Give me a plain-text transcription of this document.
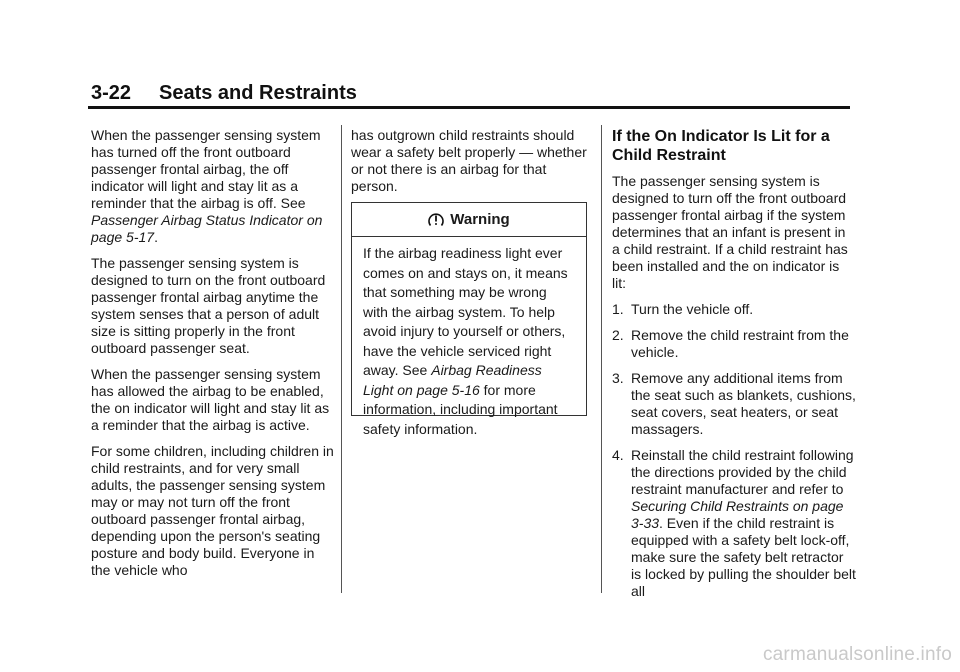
3-22 Seats and Restraints

When the passenger sensing system has turned off the front outboard passenger frontal airbag, the off indicator will light and stay lit as a reminder that the airbag is off. See Passenger Airbag Status Indicator on page 5-17.

The passenger sensing system is designed to turn on the front outboard passenger frontal airbag anytime the system senses that a person of adult size is sitting properly in the front outboard passenger seat.

When the passenger sensing system has allowed the airbag to be enabled, the on indicator will light and stay lit as a reminder that the airbag is active.

For some children, including children in child restraints, and for very small adults, the passenger sensing system may or may not turn off the front outboard passenger frontal airbag, depending upon the person's seating posture and body build. Everyone in the vehicle who

has outgrown child restraints should wear a safety belt properly — whether or not there is an airbag for that person.

Warning
If the airbag readiness light ever comes on and stays on, it means that something may be wrong with the airbag system. To help avoid injury to yourself or others, have the vehicle serviced right away. See Airbag Readiness Light on page 5-16 for more information, including important safety information.
If the On Indicator Is Lit for a Child Restraint

The passenger sensing system is designed to turn off the front outboard passenger frontal airbag if the system determines that an infant is present in a child restraint. If a child restraint has been installed and the on indicator is lit:

1. Turn the vehicle off.
2. Remove the child restraint from the vehicle.
3. Remove any additional items from the seat such as blankets, cushions, seat covers, seat heaters, or seat massagers.
4. Reinstall the child restraint following the directions provided by the child restraint manufacturer and refer to Securing Child Restraints on page 3-33. Even if the child restraint is equipped with a safety belt lock-off, make sure the safety belt retractor is locked by pulling the shoulder belt all
carmanualsonline.info
